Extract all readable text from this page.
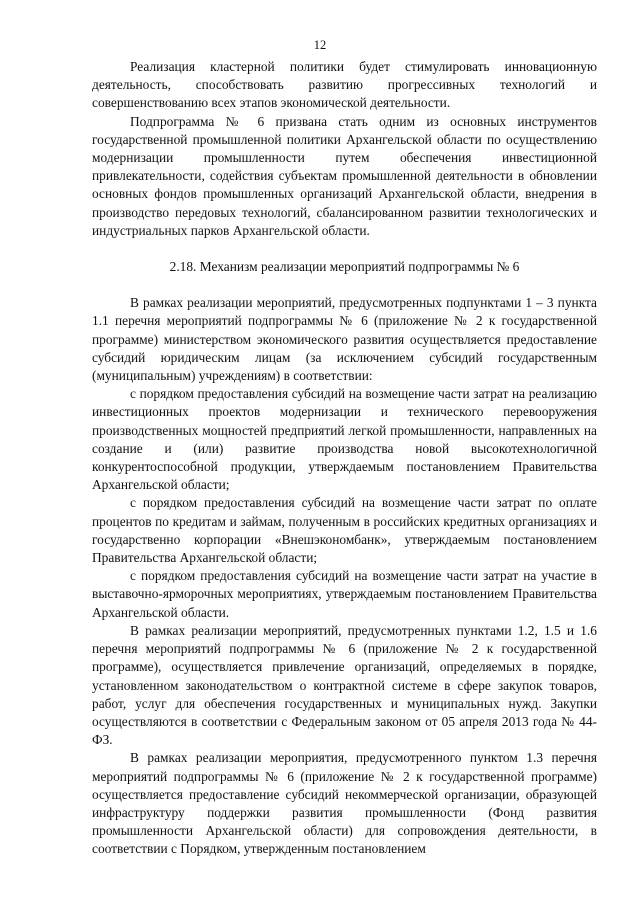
12

Реализация кластерной политики будет стимулировать инновационную деятельность, способствовать развитию прогрессивных технологий и совершенствованию всех этапов экономической деятельности.

Подпрограмма № 6 призвана стать одним из основных инструментов государственной промышленной политики Архангельской области по осуществлению модернизации промышленности путем обеспечения инвестиционной привлекательности, содействия субъектам промышленной деятельности в обновлении основных фондов промышленных организаций Архангельской области, внедрения в производство передовых технологий, сбалансированном развитии технологических и индустриальных парков Архангельской области.

2.18. Механизм реализации мероприятий подпрограммы № 6

В рамках реализации мероприятий, предусмотренных подпунктами 1 – 3 пункта 1.1 перечня мероприятий подпрограммы № 6 (приложение № 2 к государственной программе) министерством экономического развития осуществляется предоставление субсидий юридическим лицам (за исключением субсидий государственным (муниципальным) учреждениям) в соответствии:

с порядком предоставления субсидий на возмещение части затрат на реализацию инвестиционных проектов модернизации и технического перевооружения производственных мощностей предприятий легкой промышленности, направленных на создание и (или) развитие производства новой высокотехнологичной конкурентоспособной продукции, утверждаемым постановлением Правительства Архангельской области;

с порядком предоставления субсидий на возмещение части затрат по оплате процентов по кредитам и займам, полученным в российских кредитных организациях и государственно корпорации «Внешэкономбанк», утверждаемым постановлением Правительства Архангельской области;

с порядком предоставления субсидий на возмещение части затрат на участие в выставочно-ярморочных мероприятиях, утверждаемым постановлением Правительства Архангельской области.

В рамках реализации мероприятий, предусмотренных пунктами 1.2, 1.5 и 1.6 перечня мероприятий подпрограммы № 6 (приложение № 2 к государственной программе), осуществляется привлечение организаций, определяемых в порядке, установленном законодательством о контрактной системе в сфере закупок товаров, работ, услуг для обеспечения государственных и муниципальных нужд. Закупки осуществляются в соответствии с Федеральным законом от 05 апреля 2013 года № 44-ФЗ.

В рамках реализации мероприятия, предусмотренного пунктом 1.3 перечня мероприятий подпрограммы № 6 (приложение № 2 к государственной программе) осуществляется предоставление субсидий некоммерческой организации, образующей инфраструктуру поддержки развития промышленности (Фонд развития промышленности Архангельской области) для сопровождения деятельности, в соответствии с Порядком, утвержденным постановлением
